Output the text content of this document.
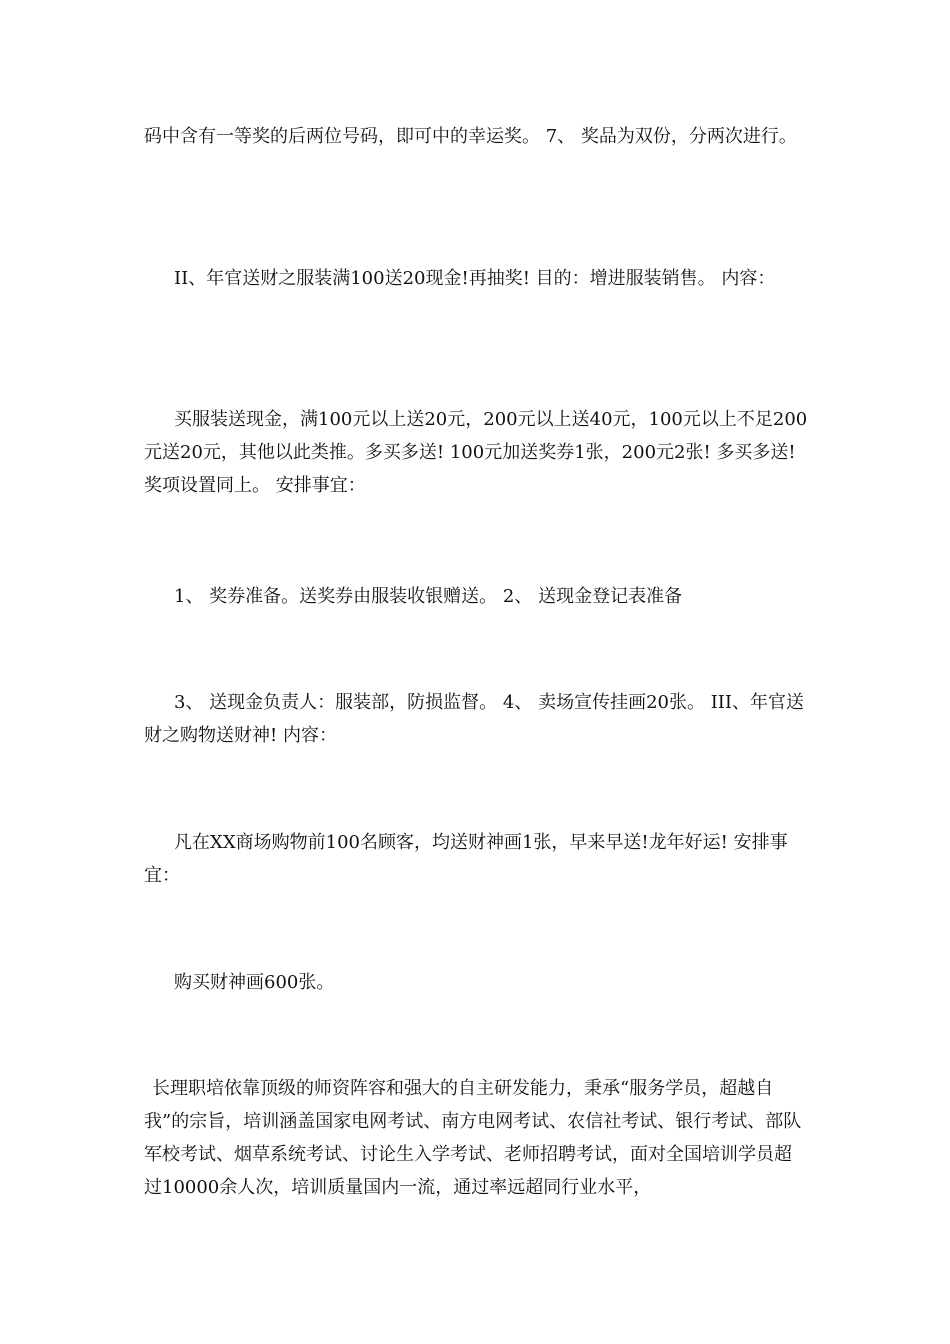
码中含有一等奖的后两位号码，即可中的幸运奖。 7、 奖品为双份，分两次进行。

II、年官送财之服装满100送20现金!再抽奖! 目的：增进服装销售。 内容：

买服装送现金，满100元以上送20元，200元以上送40元，100元以上不足200元送20元，其他以此类推。多买多送! 100元加送奖券1张，200元2张! 多买多送! 奖项设置同上。 安排事宜：

1、 奖券准备。送奖券由服装收银赠送。 2、 送现金登记表准备

3、 送现金负责人：服装部，防损监督。 4、 卖场宣传挂画20张。 III、年官送财之购物送财神! 内容：

凡在XX商场购物前100名顾客，均送财神画1张，早来早送!龙年好运! 安排事宜：

购买财神画600张。

长理职培依靠顶级的师资阵容和强大的自主研发能力，秉承“服务学员，超越自我”的宗旨，培训涵盖国家电网考试、南方电网考试、农信社考试、银行考试、部队军校考试、烟草系统考试、讨论生入学考试、老师招聘考试，面对全国培训学员超过10000余人次，培训质量国内一流，通过率远超同行业水平，
